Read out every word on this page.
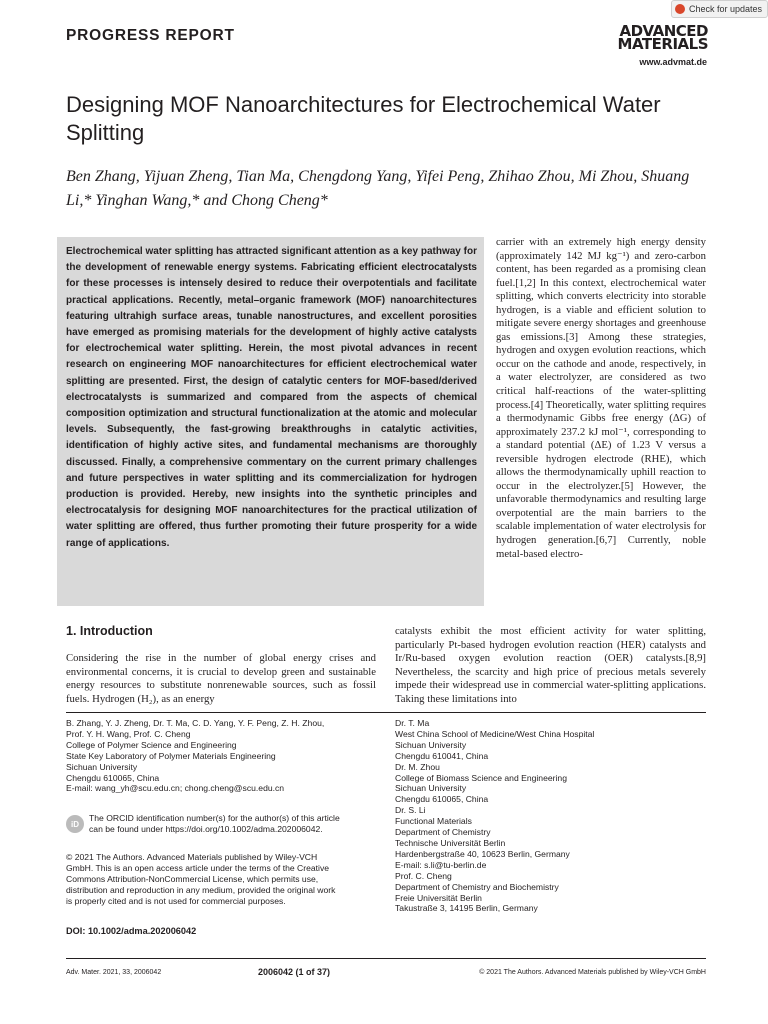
Check for updates
PROGRESS REPORT	ADVANCED
MATERIALS
www.advmat.de
Designing MOF Nanoarchitectures for Electrochemical Water Splitting
Ben Zhang, Yijuan Zheng, Tian Ma, Chengdong Yang, Yifei Peng, Zhihao Zhou, Mi Zhou, Shuang Li,* Yinghan Wang,* and Chong Cheng*
Electrochemical water splitting has attracted significant attention as a key pathway for the development of renewable energy systems. Fabricating efficient electrocatalysts for these processes is intensely desired to reduce their overpotentials and facilitate practical applications. Recently, metal–organic framework (MOF) nanoarchitectures featuring ultrahigh surface areas, tunable nanostructures, and excellent porosities have emerged as promising materials for the development of highly active catalysts for electrochemical water splitting. Herein, the most pivotal advances in recent research on engineering MOF nanoarchitectures for efficient electrochemical water splitting are presented. First, the design of catalytic centers for MOF-based/derived electrocatalysts is summarized and compared from the aspects of chemical composition optimization and structural functionalization at the atomic and molecular levels. Subsequently, the fast-growing breakthroughs in catalytic activities, identification of highly active sites, and fundamental mechanisms are thoroughly discussed. Finally, a comprehensive commentary on the current primary challenges and future perspectives in water splitting and its commercialization for hydrogen production is provided. Hereby, new insights into the synthetic principles and electrocatalysis for designing MOF nanoarchitectures for the practical utilization of water splitting are offered, thus further promoting their future prosperity for a wide range of applications.
carrier with an extremely high energy density (approximately 142 MJ kg⁻¹) and zero-carbon content, has been regarded as a promising clean fuel.[1,2] In this context, electrochemical water splitting, which converts electricity into storable hydrogen, is a viable and efficient solution to mitigate severe energy shortages and greenhouse gas emissions.[3] Among these strategies, hydrogen and oxygen evolution reactions, which occur on the cathode and anode, respectively, in a water electrolyzer, are considered as two critical half-reactions of the water-splitting process.[4] Theoretically, water splitting requires a thermodynamic Gibbs free energy (ΔG) of approximately 237.2 kJ mol⁻¹, corresponding to a standard potential (ΔE) of 1.23 V versus a reversible hydrogen electrode (RHE), which allows the thermodynamically uphill reaction to occur in the electrolyzer.[5] However, the unfavorable thermodynamics and resulting large overpotential are the main barriers to the scalable implementation of water electrolysis for hydrogen generation.[6,7] Currently, noble metal-based electro-
1. Introduction
Considering the rise in the number of global energy crises and environmental concerns, it is crucial to develop green and sustainable energy resources to substitute nonrenewable sources, such as fossil fuels. Hydrogen (H₂), as an energy
catalysts exhibit the most efficient activity for water splitting, particularly Pt-based hydrogen evolution reaction (HER) catalysts and Ir/Ru-based oxygen evolution reaction (OER) catalysts.[8,9] Nevertheless, the scarcity and high price of precious metals severely impede their widespread use in commercial water-splitting applications. Taking these limitations into
B. Zhang, Y. J. Zheng, Dr. T. Ma, C. D. Yang, Y. F. Peng, Z. H. Zhou,
Prof. Y. H. Wang, Prof. C. Cheng
College of Polymer Science and Engineering
State Key Laboratory of Polymer Materials Engineering
Sichuan University
Chengdu 610065, China
E-mail: wang_yh@scu.edu.cn; chong.cheng@scu.edu.cn
Dr. T. Ma
West China School of Medicine/West China Hospital
Sichuan University
Chengdu 610041, China
Dr. M. Zhou
College of Biomass Science and Engineering
Sichuan University
Chengdu 610065, China
Dr. S. Li
Functional Materials
Department of Chemistry
Technische Universität Berlin
Hardenbergstraße 40, 10623 Berlin, Germany
E-mail: s.li@tu-berlin.de
Prof. C. Cheng
Department of Chemistry and Biochemistry
Freie Universität Berlin
Takustraße 3, 14195 Berlin, Germany
iD
The ORCID identification number(s) for the author(s) of this article
can be found under https://doi.org/10.1002/adma.202006042.
© 2021 The Authors. Advanced Materials published by Wiley-VCH
GmbH. This is an open access article under the terms of the Creative
Commons Attribution-NonCommercial License, which permits use,
distribution and reproduction in any medium, provided the original work
is properly cited and is not used for commercial purposes.
DOI: 10.1002/adma.202006042
Adv. Mater. 2021, 33, 2006042	2006042 (1 of 37)	© 2021 The Authors. Advanced Materials published by Wiley-VCH GmbH
